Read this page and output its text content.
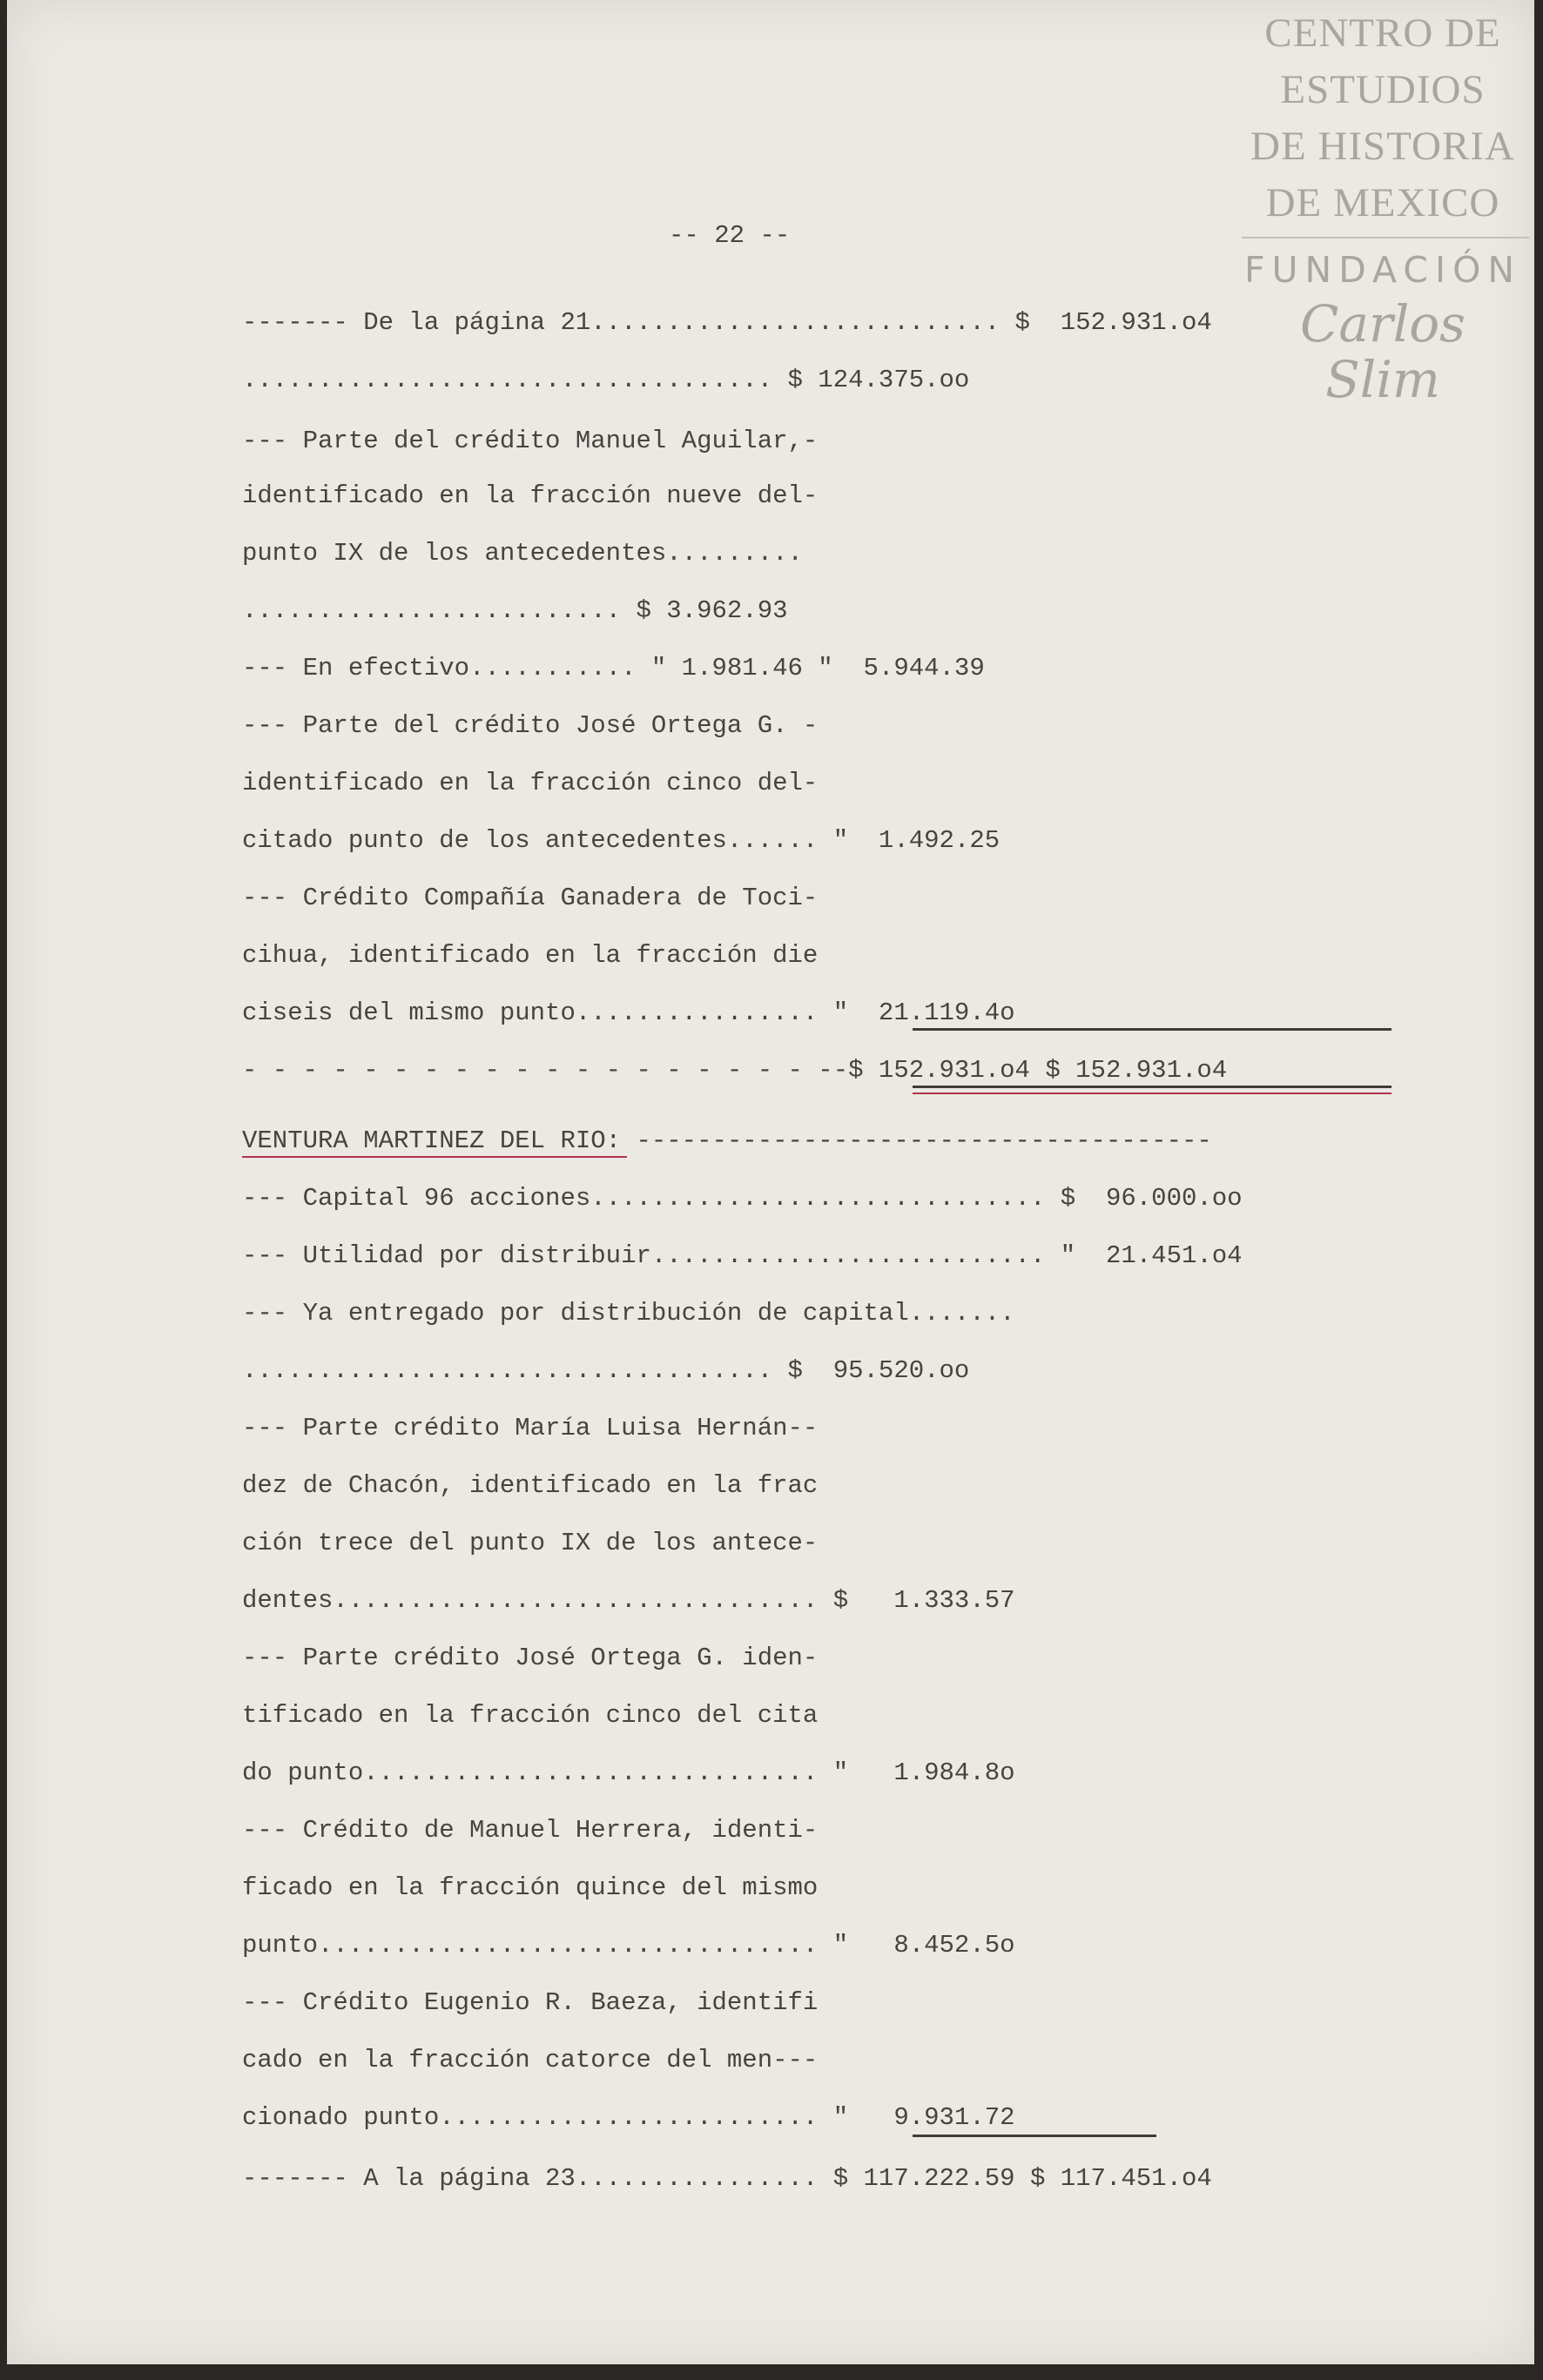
CENTRO DE
ESTUDIOS
DE HISTORIA
DE MEXICO
FUNDACIÓN
Carlos Slim
-- 22 --
------- De la página 21........................... $  152.931.o4
................................... $ 124.375.oo
--- Parte del crédito Manuel Aguilar,-
identificado en la fracción nueve del-
punto IX de los antecedentes.........
......................... $ 3.962.93
--- En efectivo........... " 1.981.46 "  5.944.39
--- Parte del crédito José Ortega G. -
identificado en la fracción cinco del-
citado punto de los antecedentes...... "  1.492.25
--- Crédito Compañía Ganadera de Toci-
cihua, identificado en la fracción die
ciseis del mismo punto................ "  21.119.4o
- - - - - - - - - - - - - - - - - - - --$ 152.931.o4 $ 152.931.o4
VENTURA MARTINEZ DEL RIO: --------------------------------------
--- Capital 96 acciones.............................. $  96.000.oo
--- Utilidad por distribuir.......................... "  21.451.o4
--- Ya entregado por distribución de capital.......
................................... $  95.520.oo
--- Parte crédito María Luisa Hernán--
dez de Chacón, identificado en la frac
ción trece del punto IX de los antece-
dentes................................ $   1.333.57
--- Parte crédito José Ortega G. iden-
tificado en la fracción cinco del cita
do punto.............................. "   1.984.8o
--- Crédito de Manuel Herrera, identi-
ficado en la fracción quince del mismo
punto................................. "   8.452.5o
--- Crédito Eugenio R. Baeza, identifi
cado en la fracción catorce del men---
cionado punto......................... "   9.931.72
------- A la página 23................ $ 117.222.59 $ 117.451.o4
